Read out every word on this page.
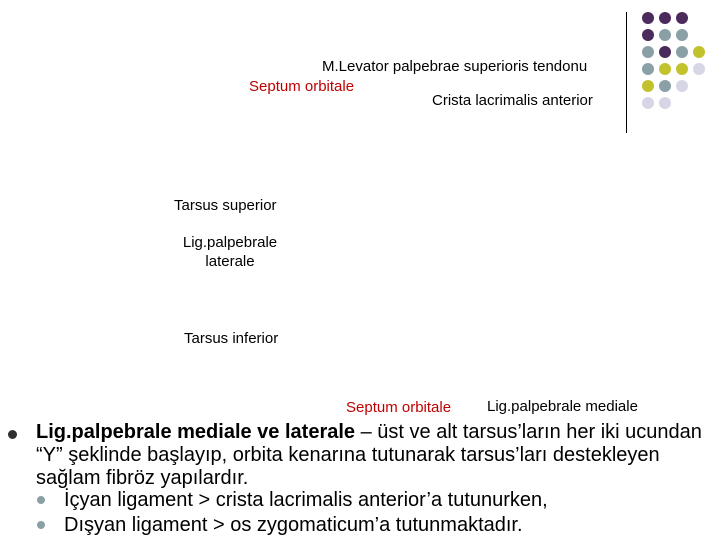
M.Levator palpebrae superioris tendonu
Septum orbitale
Crista lacrimalis anterior
Tarsus superior
Lig.palpebrale
laterale
Tarsus inferior
Septum orbitale Lig.palpebrale mediale
Lig.palpebrale mediale ve laterale – üst ve alt tarsus’ların her iki ucundan “Y” şeklinde başlayıp, orbita kenarına tutunarak tarsus’ları destekleyen sağlam fibröz yapılardır.
İçyan ligament > crista lacrimalis anterior’a tutunurken,
Dışyan ligament > os zygomaticum’a tutunmaktadır.
